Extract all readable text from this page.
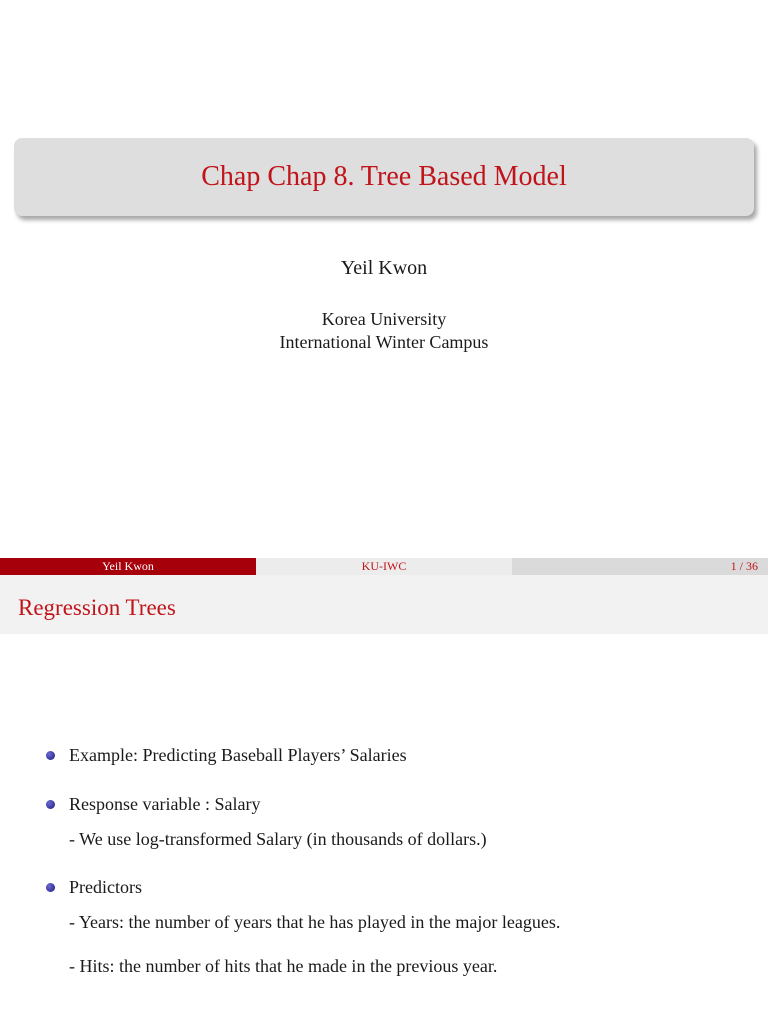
Chap Chap 8. Tree Based Model
Yeil Kwon
Korea University
International Winter Campus
Yeil Kwon	KU-IWC	1 / 36
Regression Trees
Example: Predicting Baseball Players’ Salaries
Response variable : Salary
- We use log-transformed Salary (in thousands of dollars.)
Predictors
- Years: the number of years that he has played in the major leagues.
- Hits: the number of hits that he made in the previous year.
